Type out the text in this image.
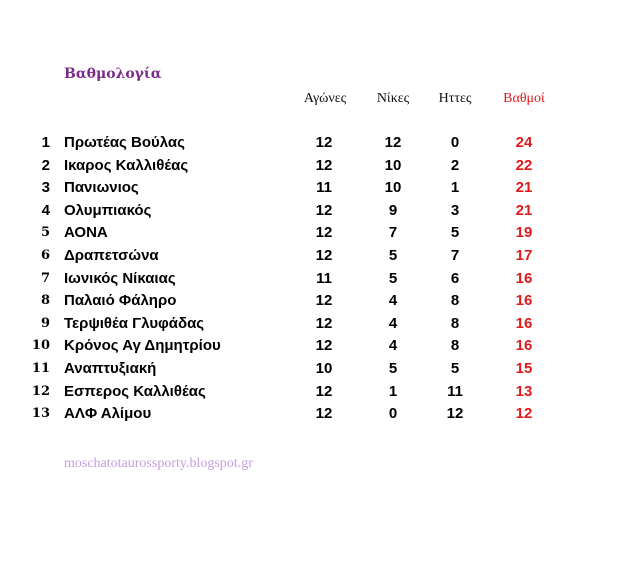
Βαθμολογία
Αγώνες	Νίκες	Ηττες	Βαθμοί
1 Πρωτέας Βούλας	12	12	0	24
2 Ικαρος Καλλιθέας	12	10	2	22
3 Πανιωνιος	11	10	1	21
4 Ολυμπιακός	12	9	3	21
5 ΑΟΝΑ	12	7	5	19
6 Δραπετσώνα	12	5	7	17
7 Ιωνικός Νίκαιας	11	5	6	16
8 Παλαιό Φάληρο	12	4	8	16
9 Τερψιθέα Γλυφάδας	12	4	8	16
10 Κρόνος Αγ Δημητρίου	12	4	8	16
11 Αναπτυξιακή	10	5	5	15
12 Εσπερος Καλλιθέας	12	1	11	13
13 ΑΛΦ Αλίμου	12	0	12	12
moschatotaurossporty.blogspot.gr
